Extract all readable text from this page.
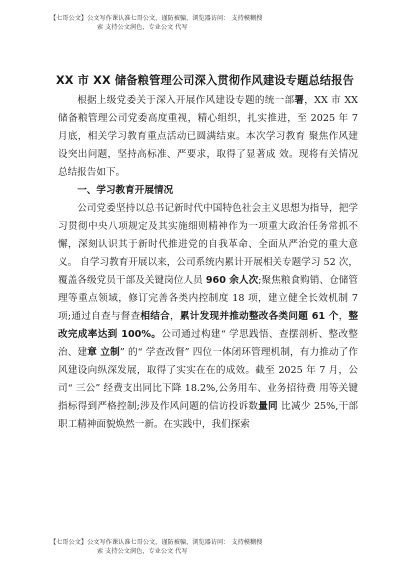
【七哥公文】公文写作课认准七哥公文，谨防被骗，浏览器访问： 支持模糊搜
索 支持公文润色，专业公文 代写
XX 市 XX 储备粮管理公司深入贯彻作风建设专题总结报告

根据上级党委关于深入开展作风建设专题的统一部署，XX 市 XX 储备粮管理公司党委高度重视，精心组织，扎实推进，至 2025 年 7 月底，相关学习教育重点活动已圆满结束。本次学习教育 聚焦作风建设突出问题，坚持高标准、严要求，取得了显著成 效。现将有关情况总结报告如下。

一、学习教育开展情况

公司党委坚持以总书记新时代中国特色社会主义思想为指导，把学习贯彻中央八项规定及其实施细则精神作为一项重大政治任务常抓不懈，深刻认识其于新时代推进党的自我革命、全面从严治党的重大意义。 自学习教育开展以来，公司系统内累计开展相关专题学习 52 次，覆盖各级党员干部及关键岗位人员 960 余人次;聚焦粮食购销、仓储管理等重点领域，修订完善各类内控制度 18 项，建立健全长效机制 7 项;通过自查与督查相结合，累计发现并推动整改各类问题 61 个，整改完成率达到 100%。公司通过构建“ 学思践悟、查摆剖析、整改整治、建章 立制” 的“ 学查改督” 四位一体闭环管理机制，有力推动了作 风建设向纵深发展，取得了实实在在的成效。截至 2025 年 7 月，公司“ 三公” 经费支出同比下降 18.2%,公务用车、业务招待费 用等关键指标得到严格控制;涉及作风问题的信访投诉数量同 比减少 25%,干部职工精神面貌焕然一新。在实践中，我们探索

【七哥公文】公文写作课认准七哥公文，谨防被骗，浏览器访问： 支持模糊搜
索 支持公文润色，专业公文 代写
